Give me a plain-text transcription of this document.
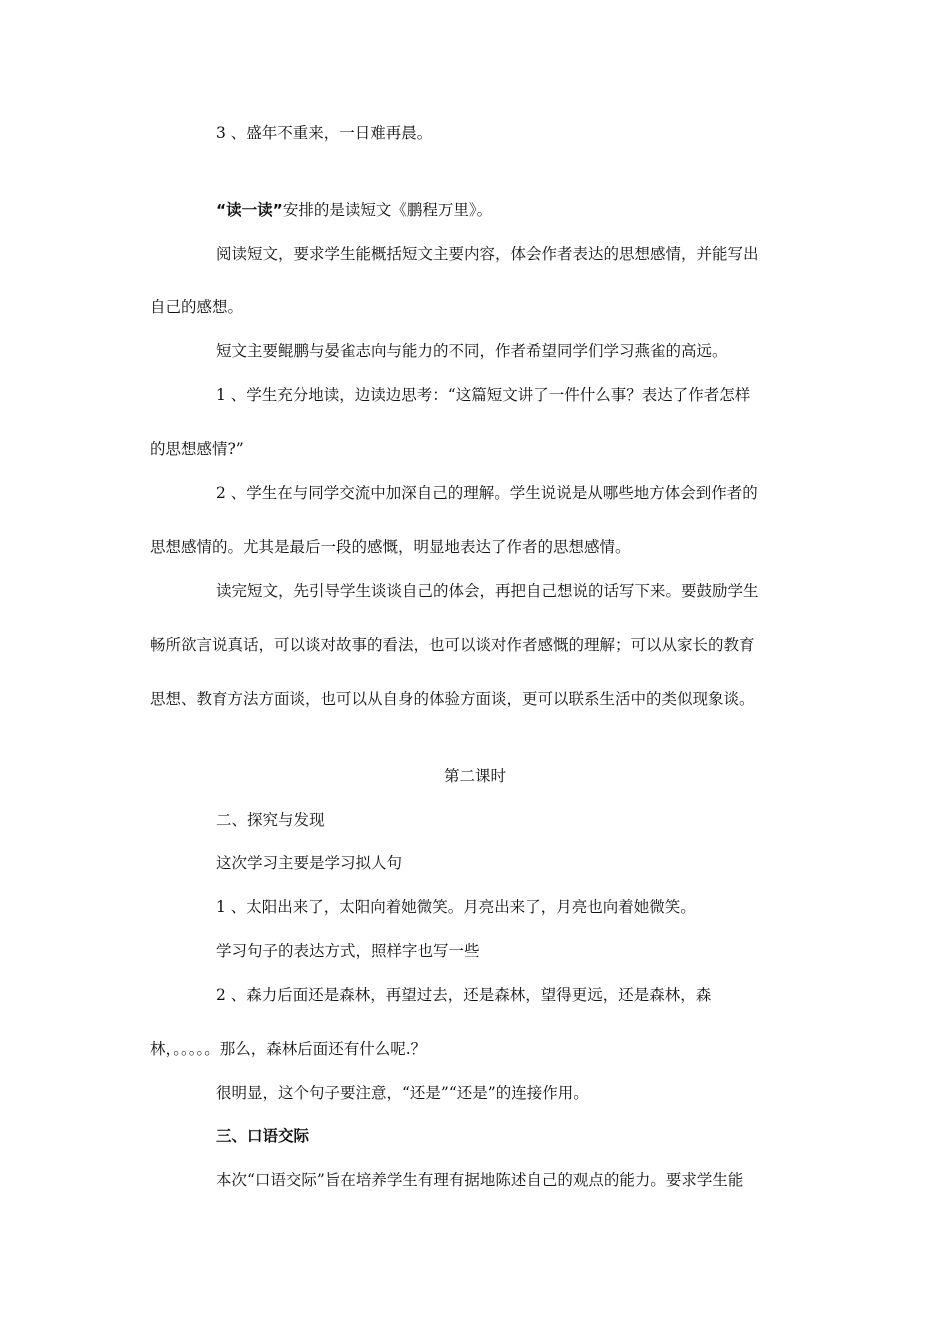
3 、盛年不重来，一日难再晨。
“读一读”安排的是读短文《鹏程万里》。
阅读短文，要求学生能概括短文主要内容，体会作者表达的思想感情，并能写出
自己的感想。
短文主要鲲鹏与晏雀志向与能力的不同，作者希望同学们学习燕雀的高远。
1 、学生充分地读，边读边思考：“这篇短文讲了一件什么事？表达了作者怎样
的思想感情?”
2 、学生在与同学交流中加深自己的理解。学生说说是从哪些地方体会到作者的
思想感情的。尤其是最后一段的感慨，明显地表达了作者的思想感情。
读完短文，先引导学生谈谈自己的体会，再把自己想说的话写下来。要鼓励学生
畅所欲言说真话，可以谈对故事的看法，也可以谈对作者感慨的理解；可以从家长的教育
思想、教育方法方面谈，也可以从自身的体验方面谈，更可以联系生活中的类似现象谈。
第二课时
二、探究与发现
这次学习主要是学习拟人句
1 、太阳出来了，太阳向着她微笑。月亮出来了，月亮也向着她微笑。
学习句子的表达方式，照样字也写一些
2 、森力后面还是森林，再望过去，还是森林，望得更远，还是森林，森
林，。。。。。那么，森林后面还有什么呢.？
很明显，这个句子要注意，“还是”“还是”的连接作用。
三、口语交际
本次“口语交际”旨在培养学生有理有据地陈述自己的观点的能力。要求学生能
